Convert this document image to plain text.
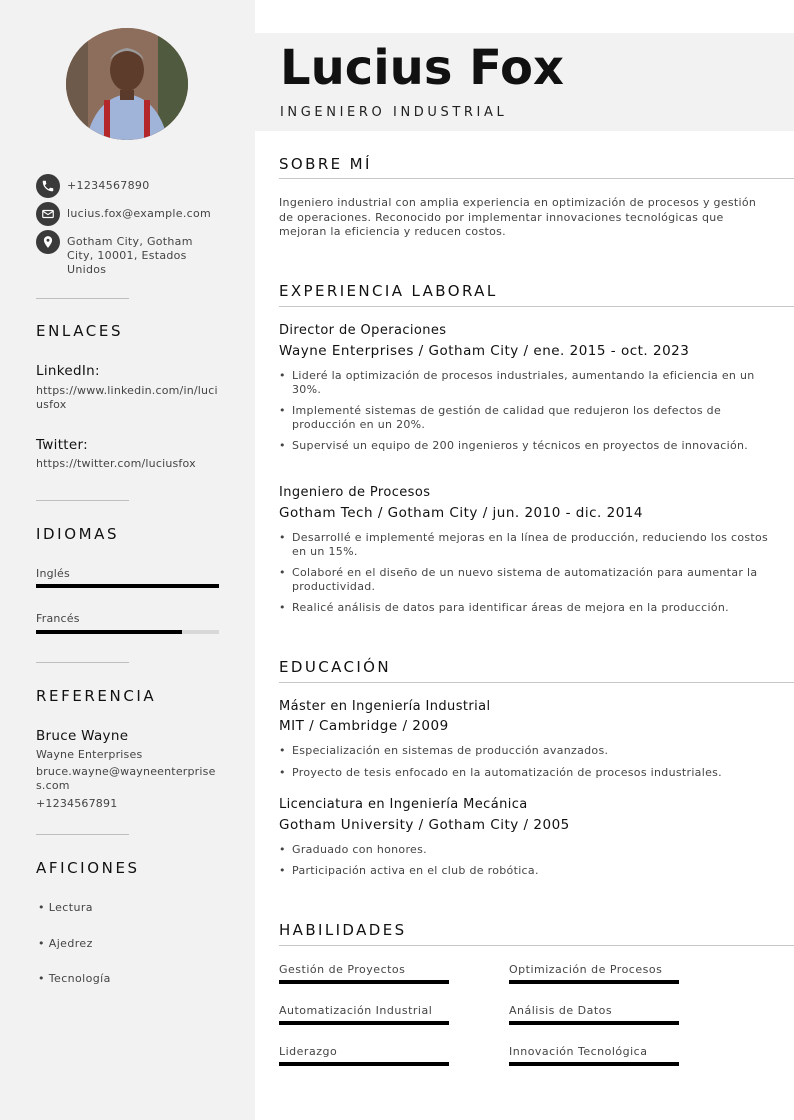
+1234567890
lucius.fox@example.com
Gotham City, Gotham City, 10001, Estados Unidos
ENLACES
LinkedIn:
https://www.linkedin.com/in/luciusfox
Twitter:
https://twitter.com/luciusfox
IDIOMAS
Inglés
Francés
REFERENCIA
Bruce Wayne
Wayne Enterprises
bruce.wayne@wayneenterprises.com
+1234567891
AFICIONES
• Lectura
• Ajedrez
• Tecnología
Lucius Fox
INGENIERO INDUSTRIAL
SOBRE MÍ
Ingeniero industrial con amplia experiencia en optimización de procesos y gestión de operaciones. Reconocido por implementar innovaciones tecnológicas que mejoran la eficiencia y reducen costos.
EXPERIENCIA LABORAL
Director de Operaciones
Wayne Enterprises / Gotham City / ene. 2015 - oct. 2023
• Lideré la optimización de procesos industriales, aumentando la eficiencia en un 30%.
• Implementé sistemas de gestión de calidad que redujeron los defectos de producción en un 20%.
• Supervisé un equipo de 200 ingenieros y técnicos en proyectos de innovación.
Ingeniero de Procesos
Gotham Tech / Gotham City / jun. 2010 - dic. 2014
• Desarrollé e implementé mejoras en la línea de producción, reduciendo los costos en un 15%.
• Colaboré en el diseño de un nuevo sistema de automatización para aumentar la productividad.
• Realicé análisis de datos para identificar áreas de mejora en la producción.
EDUCACIÓN
Máster en Ingeniería Industrial
MIT / Cambridge / 2009
• Especialización en sistemas de producción avanzados.
• Proyecto de tesis enfocado en la automatización de procesos industriales.
Licenciatura en Ingeniería Mecánica
Gotham University / Gotham City / 2005
• Graduado con honores.
• Participación activa en el club de robótica.
HABILIDADES
Gestión de Proyectos	Optimización de Procesos
Automatización Industrial	Análisis de Datos
Liderazgo	Innovación Tecnológica
